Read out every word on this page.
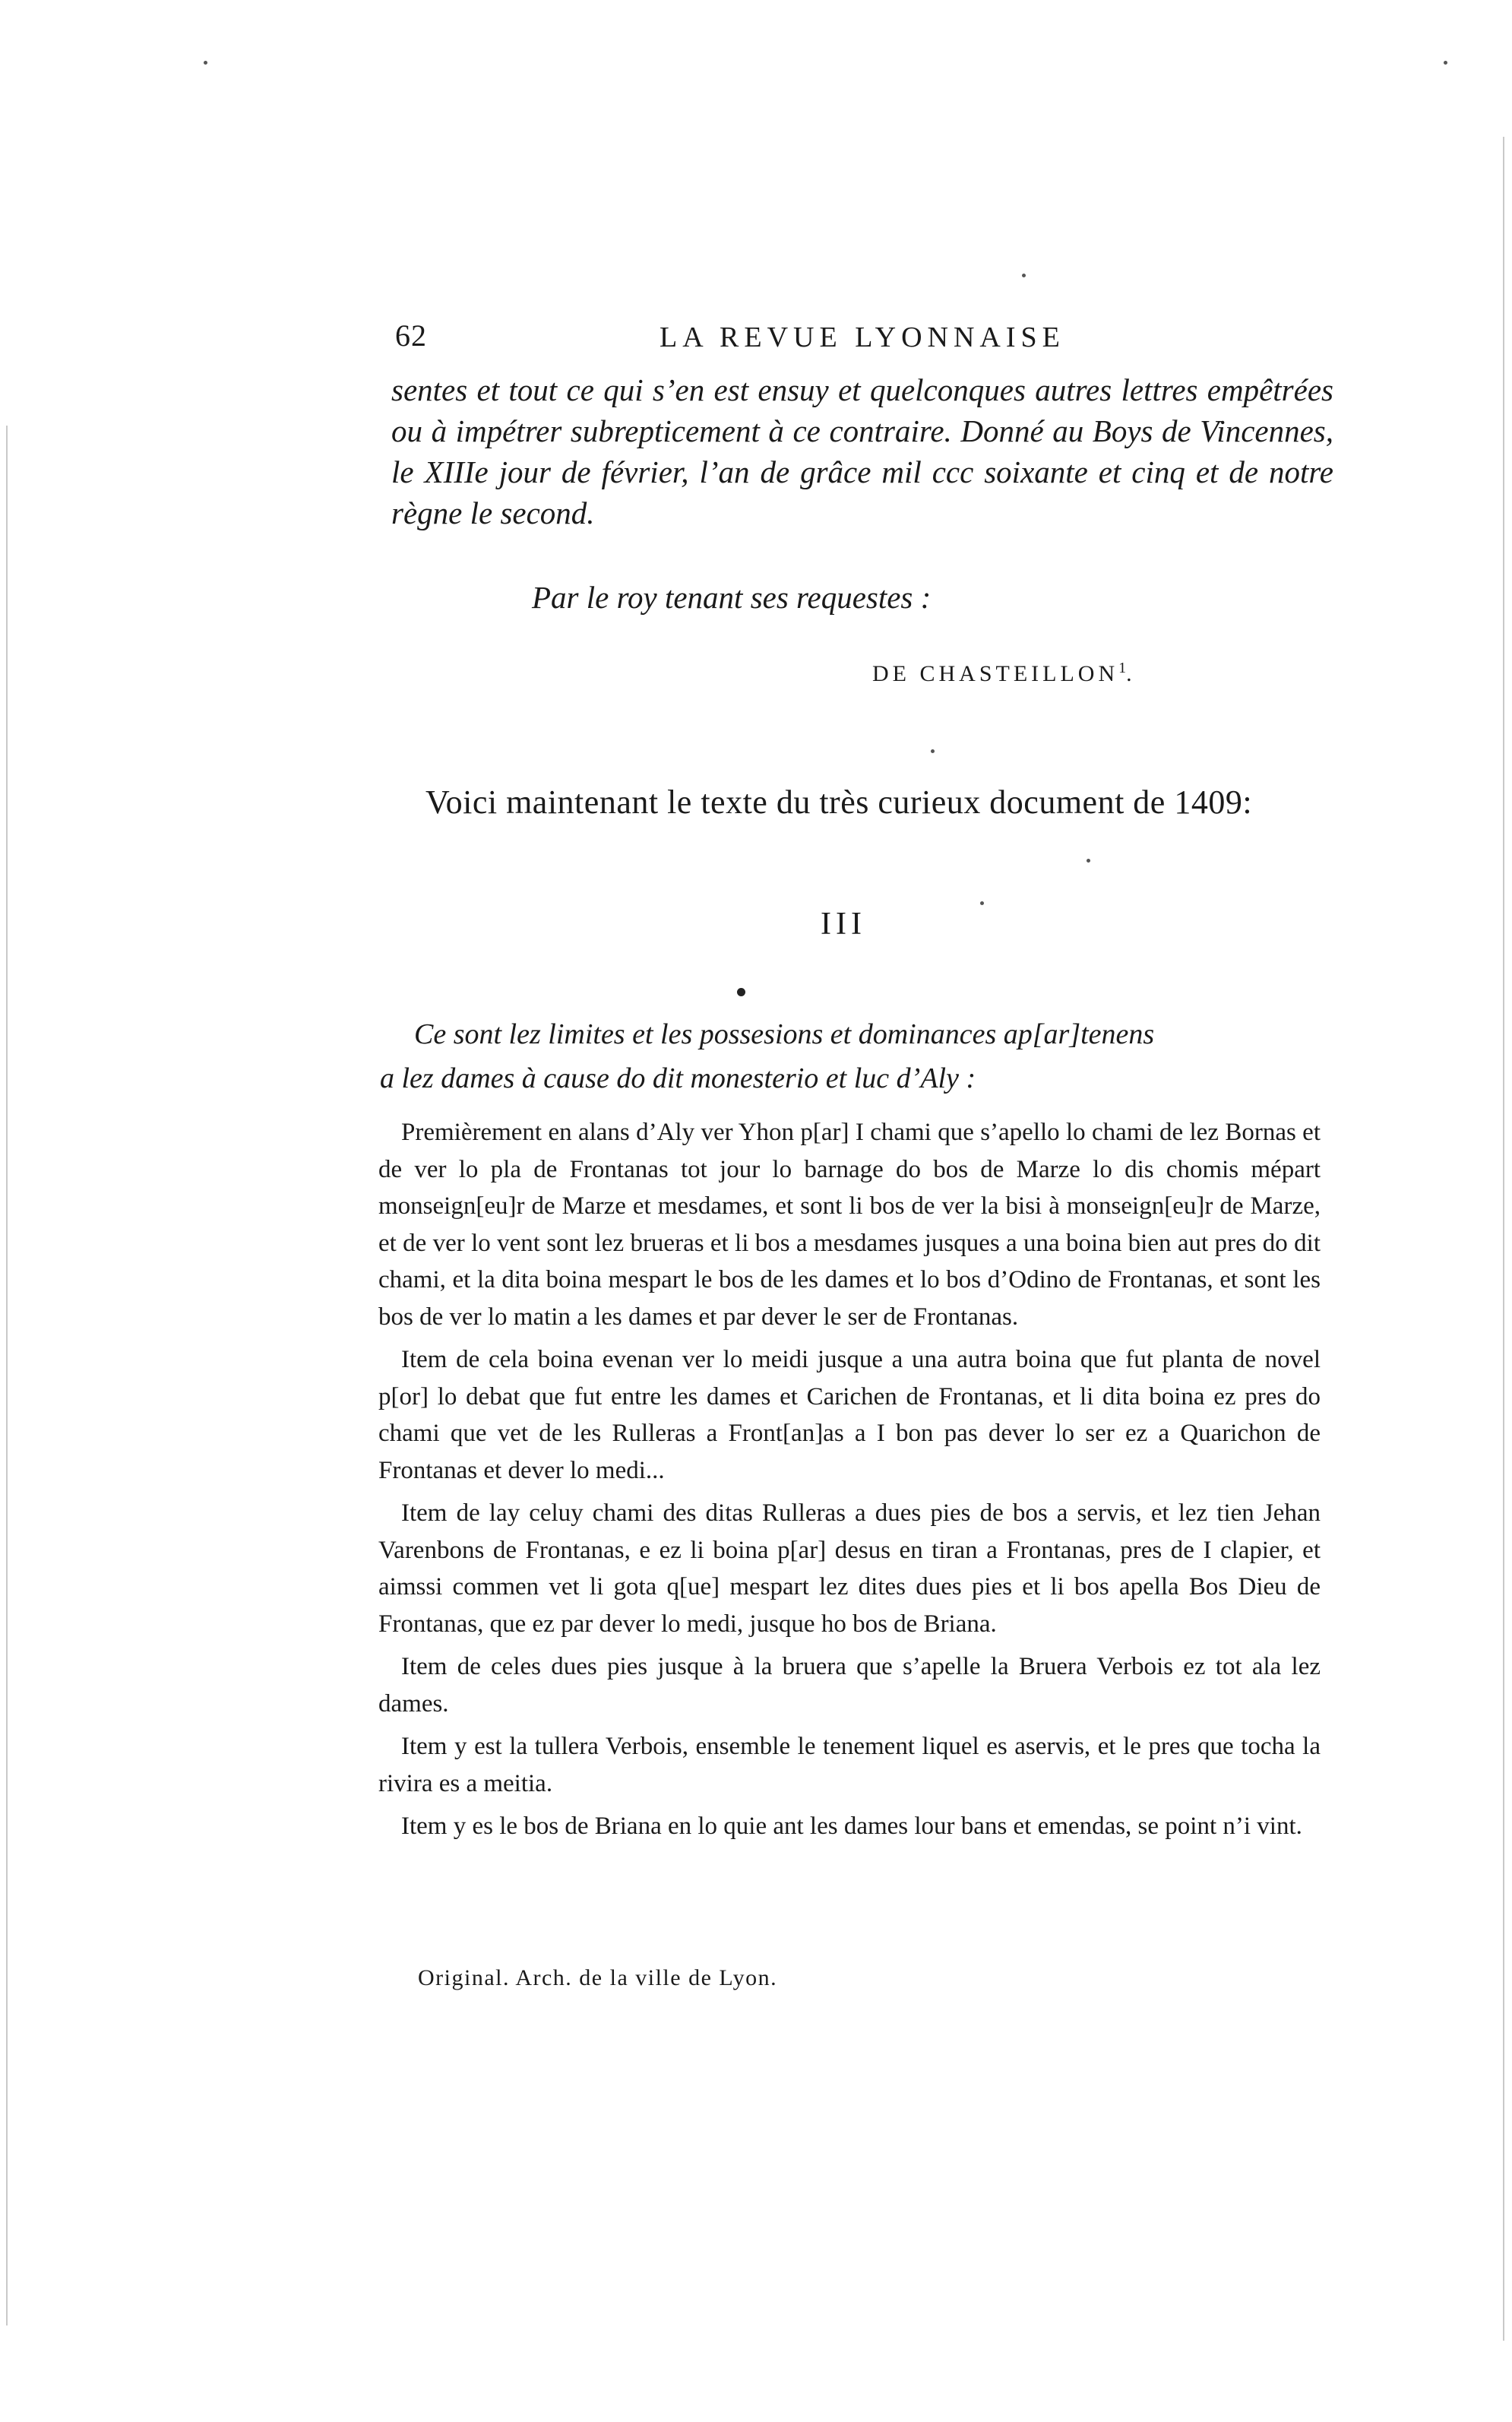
62	LA REVUE LYONNAISE

sentes et tout ce qui s’en est ensuy et quelconques autres lettres empêtrées ou à impétrer subrepticement à ce contraire. Donné au Boys de Vincennes, le XIIIe jour de février, l’an de grâce mil ccc soixante et cinq et de notre règne le second.

Par le roy tenant ses requestes :
DE CHASTEILLON$^1$.
Voici maintenant le texte du très curieux document de 1409:
III
Ce sont lez limites et les possesions et dominances ap[ar]tenens
a lez dames à cause do dit monesterio et luc d’Aly :

Premièrement en alans d’Aly ver Yhon p[ar] I chami que s’apello lo chami de lez Bornas et de ver lo pla de Frontanas tot jour lo barnage do bos de Marze lo dis chomis mépart monseign[eu]r de Marze et mesdames, et sont li bos de ver la bisi à monseign[eu]r de Marze, et de ver lo vent sont lez brueras et li bos a mesdames jusques a una boina bien aut pres do dit chami, et la dita boina mespart le bos de les dames et lo bos d’Odino de Frontanas, et sont les bos de ver lo matin a les dames et par dever le ser de Frontanas.

Item de cela boina evenan ver lo meidi jusque a una autra boina que fut planta de novel p[or] lo debat que fut entre les dames et Carichen de Frontanas, et li dita boina ez pres do chami que vet de les Rulleras a Front[an]as a I bon pas dever lo ser ez a Quarichon de Frontanas et dever lo medi...

Item de lay celuy chami des ditas Rulleras a dues pies de bos a servis, et lez tien Jehan Varenbons de Frontanas, e ez li boina p[ar] desus en tiran a Frontanas, pres de I clapier, et aimssi commen vet li gota q[ue] mespart lez dites dues pies et li bos apella Bos Dieu de Frontanas, que ez par dever lo medi, jusque ho bos de Briana.

Item de celes dues pies jusque à la bruera que s’apelle la Bruera Verbois ez tot ala lez dames.

Item y est la tullera Verbois, ensemble le tenement liquel es aservis, et le pres que tocha la rivira es a meitia.

Item y es le bos de Briana en lo quie ant les dames lour bans et emendas, se point n’i vint.

Original. Arch. de la ville de Lyon.
